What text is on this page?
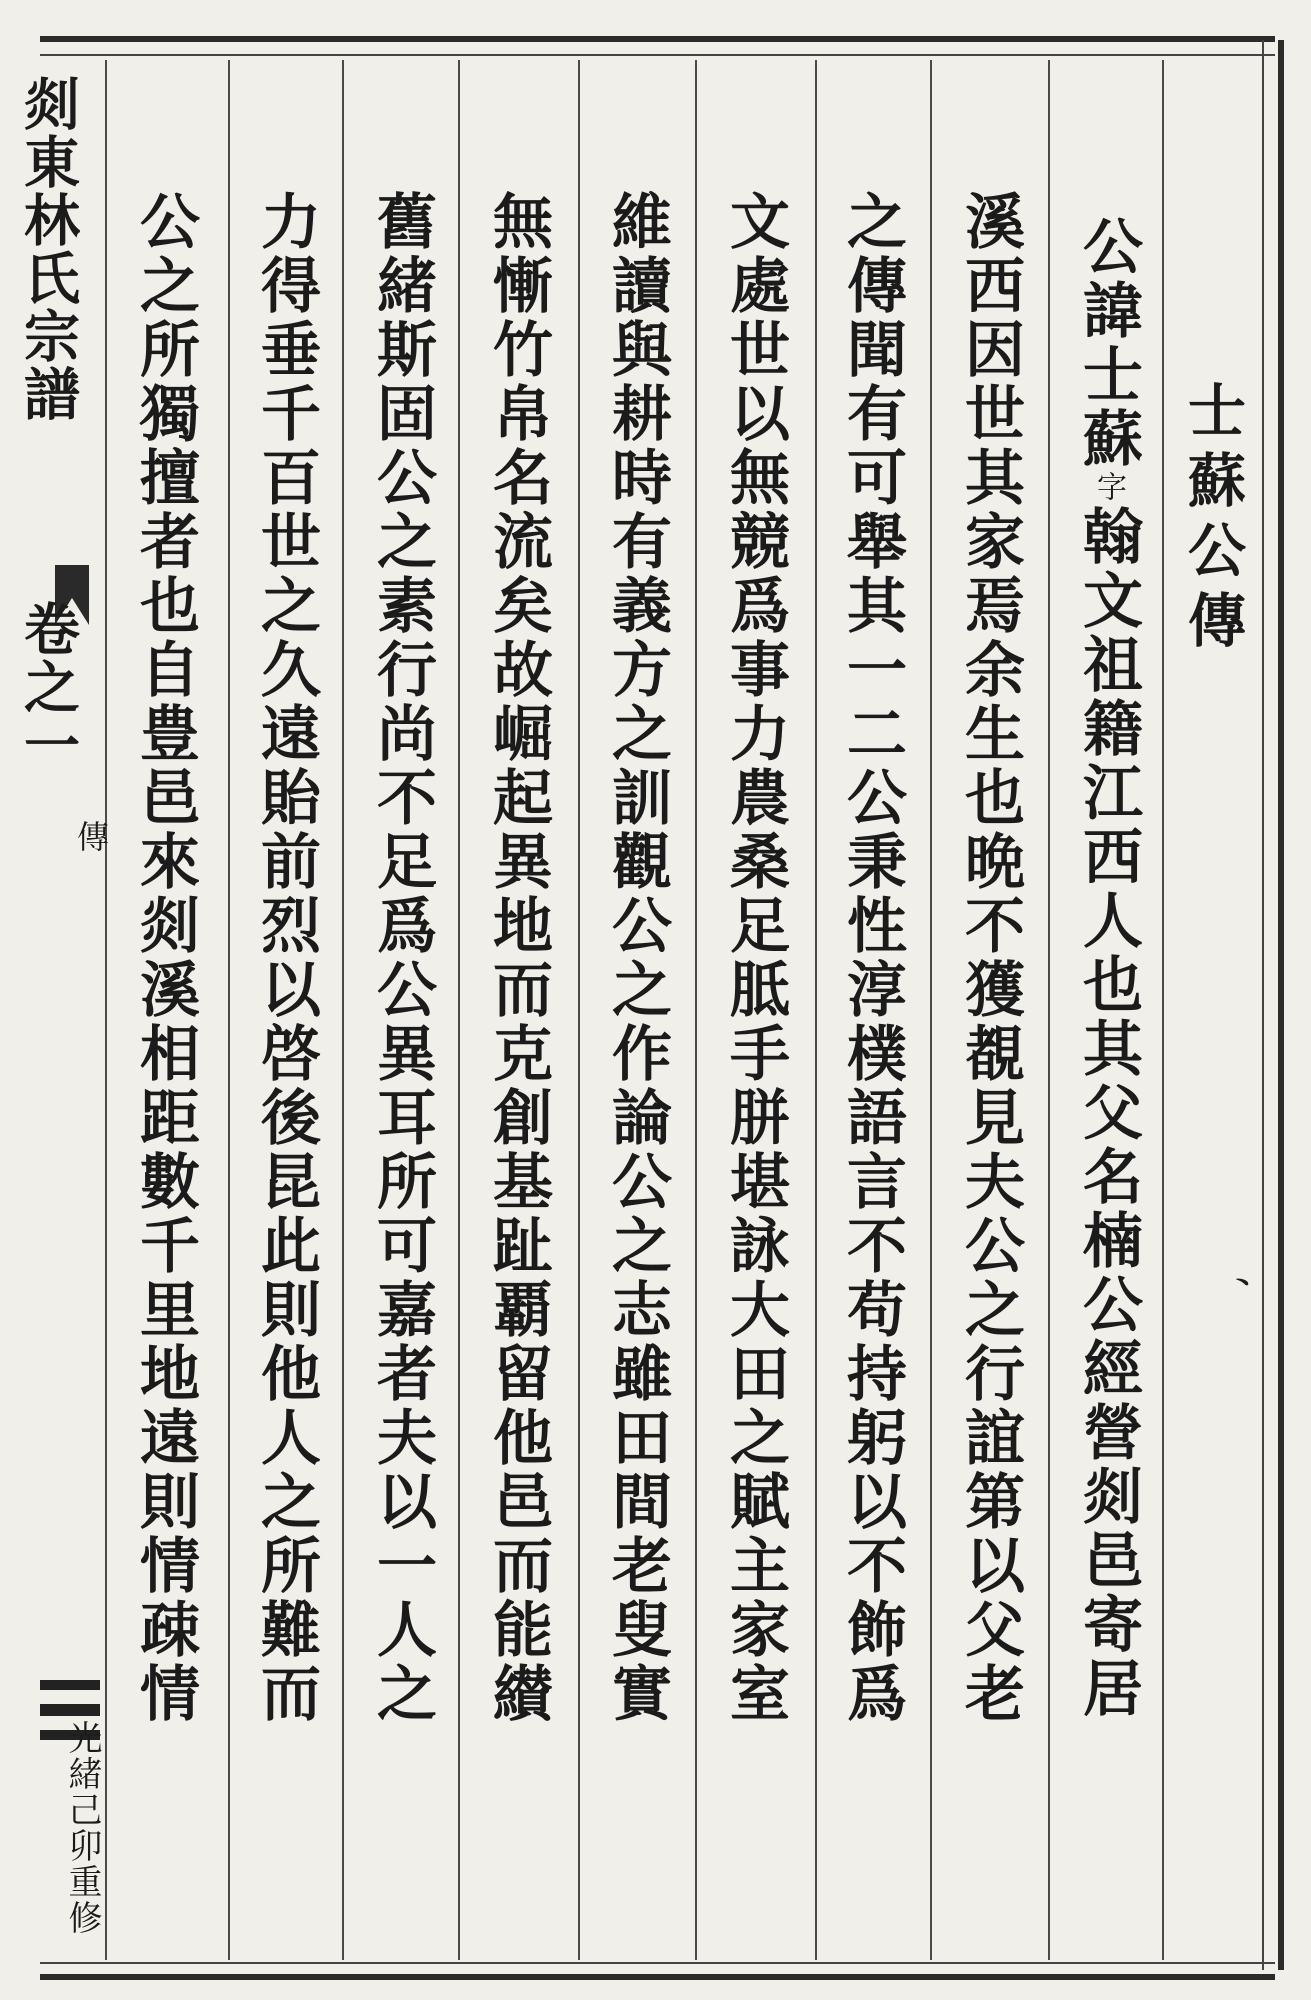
剡東林氏宗譜
卷之一
傳
光緒己卯重修
士蘇公傳
公諱士蘇字翰文祖籍江西人也其父名楠公經營剡邑寄居
溪西因世其家焉余生也晩不獲覩見夫公之行誼第以父老
之傳聞有可舉其一二公秉性淳樸語言不苟持躬以不飾爲
文處世以無競爲事力農桑足胝手胼堪詠大田之賦主家室
維讀與耕時有義方之訓觀公之作論公之志雖田間老叟實
無慚竹帛名流矣故崛起異地而克創基趾覇留他邑而能纉
舊緒斯固公之素行尚不足爲公異耳所可嘉者夫以一人之
力得垂千百世之久遠貽前烈以啓後昆此則他人之所難而
公之所獨擅者也自豊邑來剡溪相距數千里地遠則情疎情	、
